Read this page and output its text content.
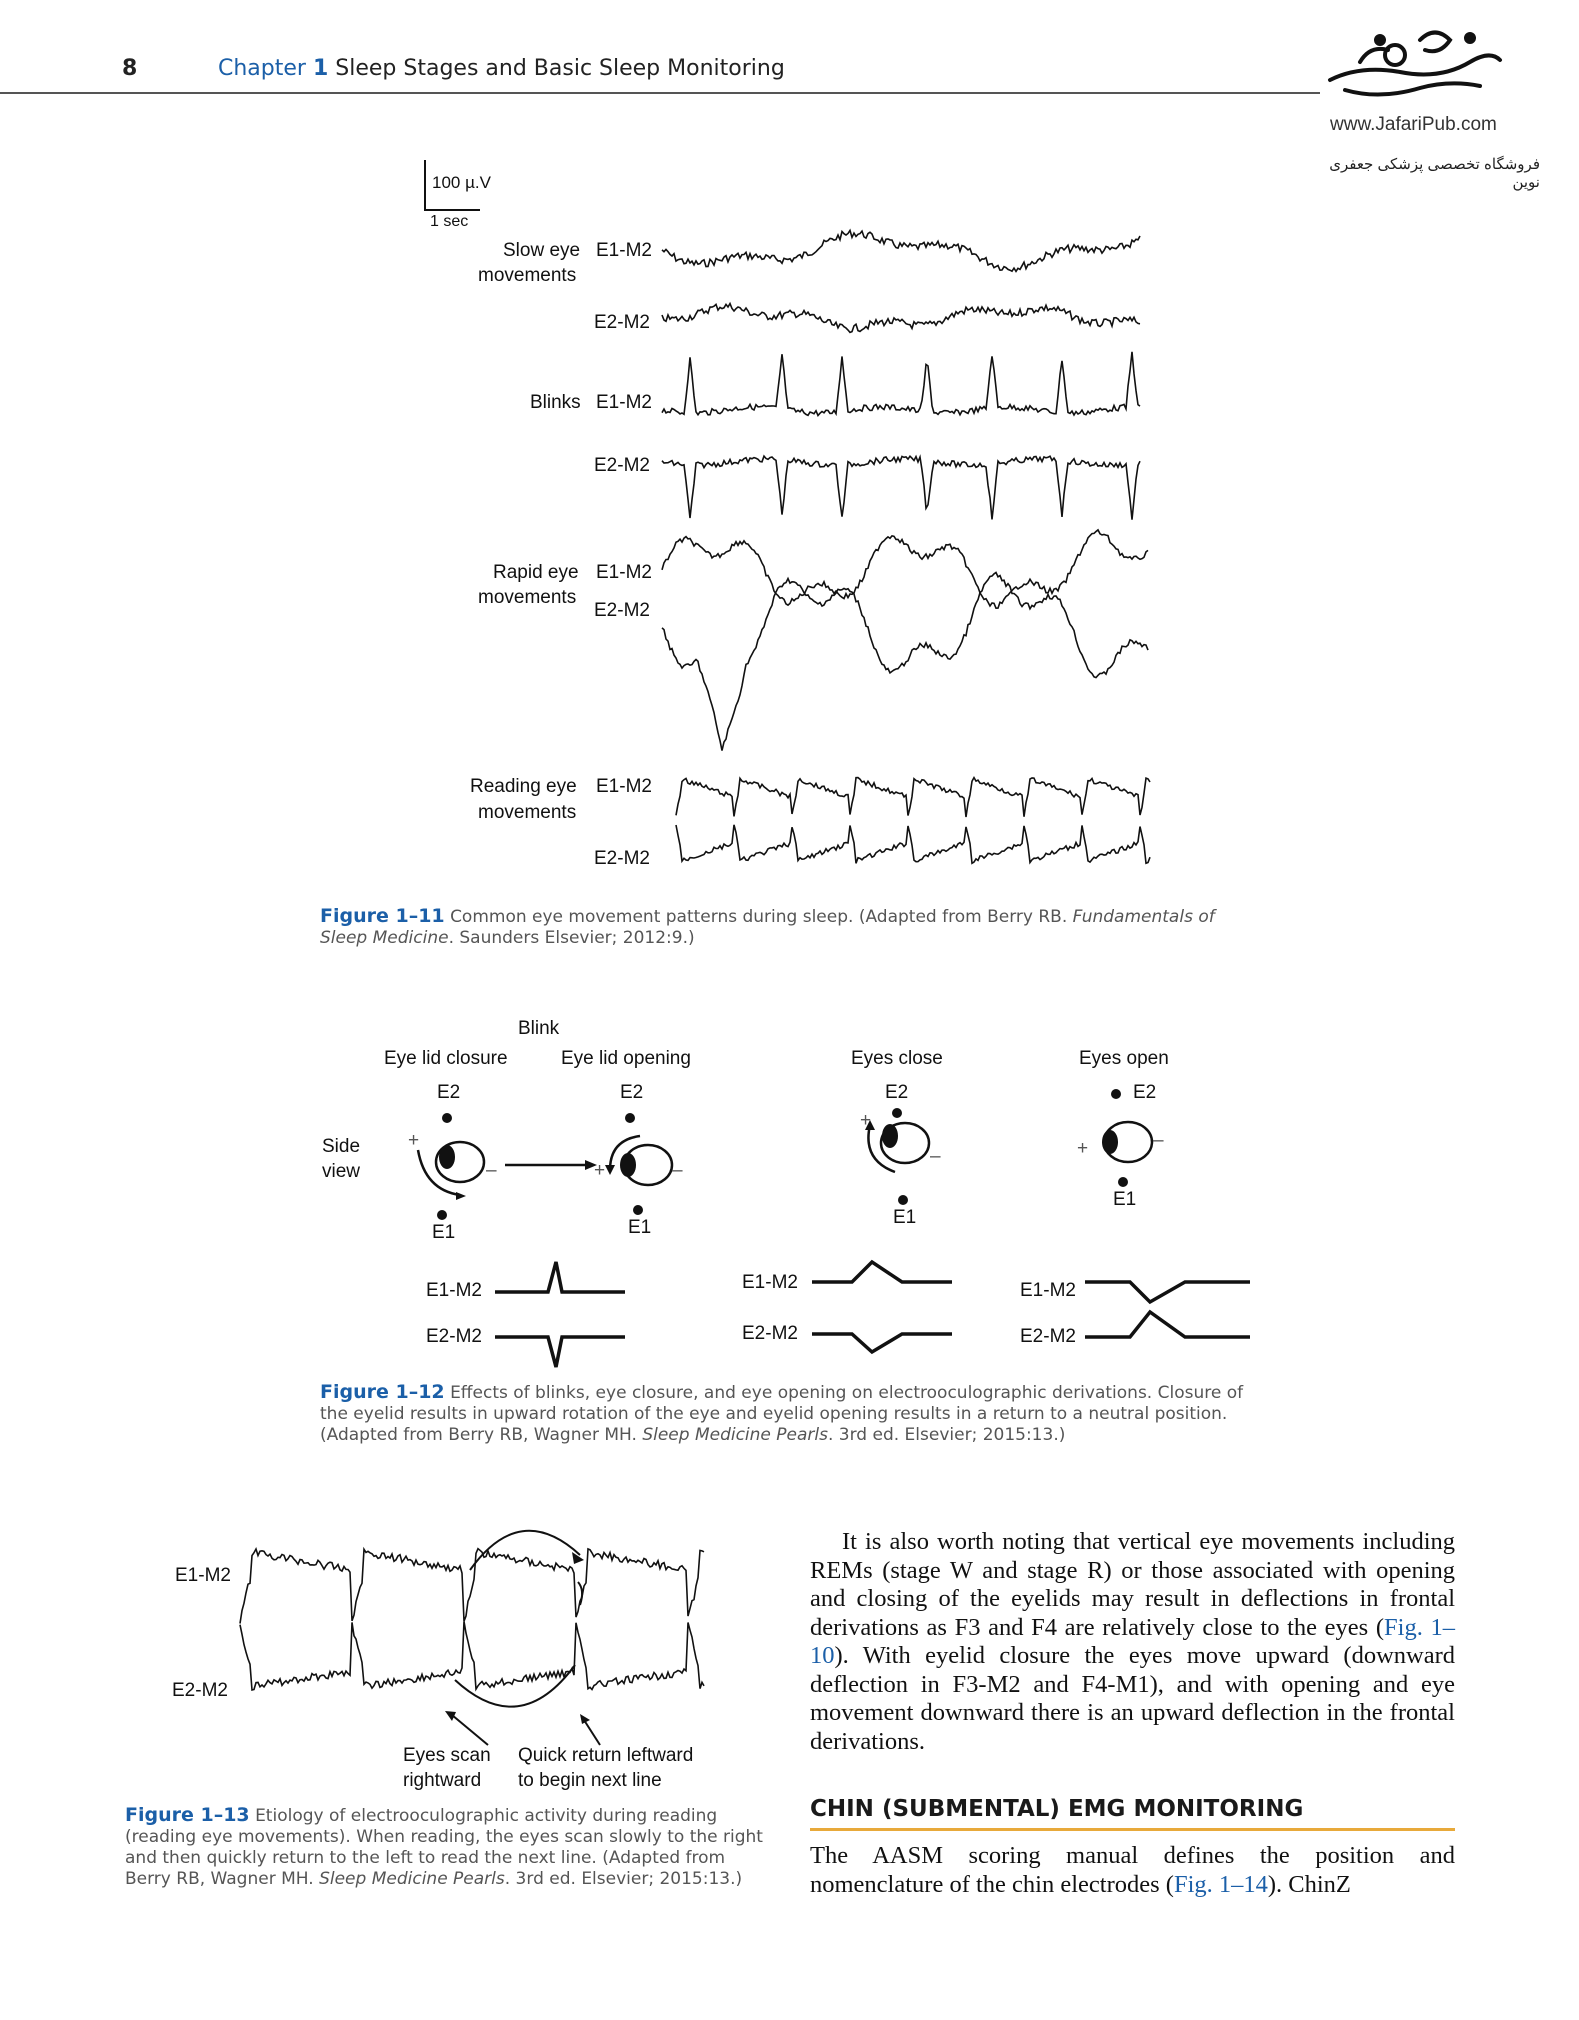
8	Chapter 1 Sleep Stages and Basic Sleep Monitoring
www.JafariPub.com
فروشگاه تخصصی پزشکی جعفری نوین
100 µ.V
1 sec
Slow eye
movements
E1-M2
E2-M2
Blinks E1-M2
E2-M2
Rapid eye
movements
E1-M2
E2-M2
Reading eye
movements
E1-M2
E2-M2
Figure 1–11 Common eye movement patterns during sleep. (Adapted from Berry RB. Fundamentals of Sleep Medicine. Saunders Elsevier; 2012:9.)
Blink
Eye lid closure	Eye lid opening	Eyes close	Eyes open
Side
view
E2
E1
E2
E1
E2
E1
E2
E1
+
–	+	–
+
–	+	–
E1-M2
E2-M2
E1-M2
E2-M2
E1-M2
E2-M2
Figure 1–12 Effects of blinks, eye closure, and eye opening on electrooculographic derivations. Closure of the eyelid results in upward rotation of the eye and eyelid opening results in a return to a neutral position. (Adapted from Berry RB, Wagner MH. Sleep Medicine Pearls. 3rd ed. Elsevier; 2015:13.)
E1-M2
E2-M2
Eyes scan
rightward
Quick return leftward
to begin next line
Figure 1–13 Etiology of electrooculographic activity during reading (reading eye movements). When reading, the eyes scan slowly to the right and then quickly return to the left to read the next line. (Adapted from Berry RB, Wagner MH. Sleep Medicine Pearls. 3rd ed. Elsevier; 2015:13.)
It is also worth noting that vertical eye movements including REMs (stage W and stage R) or those associated with opening and closing of the eyelids may result in deflections in frontal derivations as F3 and F4 are relatively close to the eyes (Fig. 1–10). With eyelid closure the eyes move upward (downward deflection in F3-M2 and F4-M1), and with opening and eye movement downward there is an upward deflection in the frontal derivations.
CHIN (SUBMENTAL) EMG MONITORING
The AASM scoring manual defines the position and nomenclature of the chin electrodes (Fig. 1–14). ChinZ
